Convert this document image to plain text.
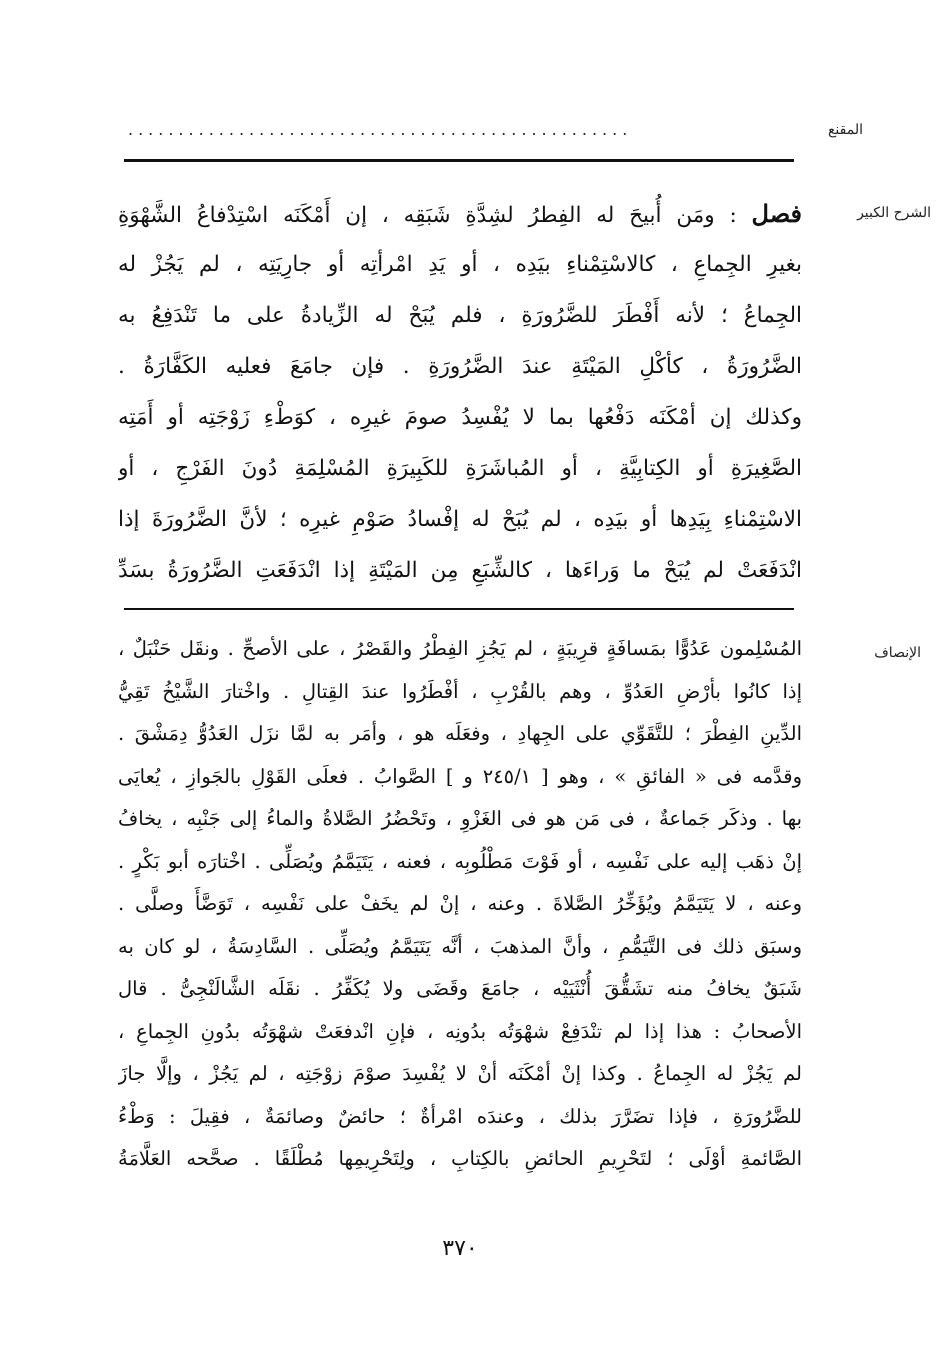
المقنع
..................................................
الشرح الكبير
فصل : ومَن أُبيحَ له الفِطرُ لشِدَّةِ شَبَقِه ، إن أَمْكَنَه اسْتِدْفاعُ الشَّهْوَةِ
بغيرِ الجِماعِ ، كالاسْتِمْناءِ بيَدِه ، أو يَدِ امْرأتِه أو جارِيَتِه ، لم يَجُزْ له
الجِماعُ ؛ لأنه أَفْطَرَ للضَّرُورَةِ ، فلم يُبَحْ له الزِّيادةُ على ما تَنْدَفِعُ به
الضَّرُورَةُ ، كأكْلِ المَيْتَةِ عندَ الضَّرُورَةِ . فإن جامَعَ فعليه الكَفَّارَةُ .
وكذلك إن أمْكَنَه دَفْعُها بما لا يُفْسِدُ صومَ غيرِه ، كوَطْءِ زَوْجَتِه أو أَمَتِه
الصَّغِيرَةِ أو الكِتابِيَّةِ ، أو المُباشَرَةِ للكَبِيرَةِ المُسْلِمَةِ دُونَ الفَرْجِ ، أو
الاسْتِمْناءِ بِيَدِها أو بيَدِه ، لم يُبَحْ له إفْسادُ صَوْمِ غيرِه ؛ لأنَّ الضَّرُورَةَ إذا
انْدَفَعَتْ لم يُبَحْ ما وَراءَها ، كالشِّبَعِ مِن المَيْتَةِ إذا انْدَفَعَتِ الضَّرُورَةُ بسَدِّ
الإنصاف
المُسْلِمون عَدُوًّا بمَسافَةٍ قرِيبَةٍ ، لم يَجُزِ الفِطْرُ والقَصْرُ ، على الأصحِّ . ونقَل حَنْبَلٌ ،
إذا كانُوا بأرْضِ العَدُوِّ ، وهم بالقُرْبِ ، أفْطَرُوا عندَ القِتالِ . واخْتارَ الشَّيْخُ تَقِيُّ
الدِّينِ الفِطْرَ ؛ للتَّقَوِّي على الجِهادِ ، وفعَلَه هو ، وأمَر به لمَّا نزَل العَدُوُّ دِمَشْقَ .
وقدَّمه فى « الفائقِ » ، وهو [ ٢٤٥/١ و ] الصَّوابُ . فعلَى القَوْلِ بالجَوازِ ، يُعايَى
بها . وذكَر جَماعةٌ ، فى مَن هو فى الغَزْوِ ، وتَحْضُرُ الصَّلاةُ والماءُ إلى جَنْبِه ، يخافُ
إنْ ذهَب إليه على نَفْسِه ، أو فَوْتَ مَطْلُوبِه ، فعنه ، يَتَيَمَّمُ ويُصَلِّى . اخْتارَه أبو بَكْرٍ .
وعنه ، لا يَتَيَمَّمُ ويُؤَخِّرُ الصَّلاةَ . وعنه ، إنْ لم يخَفْ على نَفْسِه ، تَوَضَّأَ وصلَّى .
وسبَق ذلك فى التَّيَمُّمِ ، وأنَّ المذهبَ ، أنَّه يَتَيَمَّمُ ويُصَلِّى . السَّادِسَةُ ، لو كان به
شَبَقٌ يخافُ منه تشَقُّقَ أُنْثَيَيْه ، جامَعَ وقَضَى ولا يُكَفِّرُ . نقَلَه الشَّالَنْجِىُّ . قال
الأصحابُ : هذا إذا لم تنْدَفِعْ شهْوَتُه بدُونِه ، فإنِ انْدفعَتْ شهْوَتُه بدُونِ الجِماعِ ،
لم يَجُزْ له الجِماعُ . وكذا إنْ أمْكَنَه أنْ لا يُفْسِدَ صوْمَ زوْجَتِه ، لم يَجُزْ ، وإلَّا جازَ
للضَّرُورَةِ ، فإذا تضَرَّرَ بذلك ، وعندَه امْرأةٌ ؛ حائضٌ وصائمَةٌ ، فقِيلَ : وَطْءُ
الصَّائمةِ أوْلَى ؛ لتَحْرِيمِ الحائضِ بالكِتابِ ، ولِتَحْرِيمِها مُطْلَقًا . صحَّحه العَلَّامَةُ
٣٧٠
